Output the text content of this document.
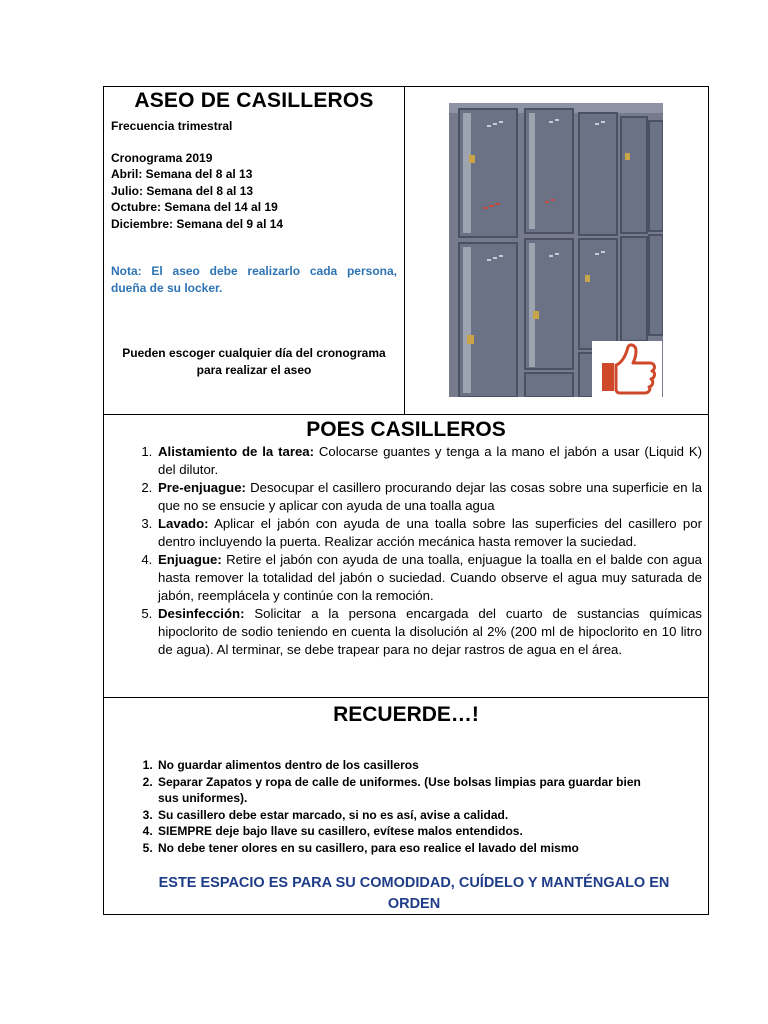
ASEO DE CASILLEROS
Frecuencia trimestral
Cronograma 2019
Abril: Semana del 8 al 13
Julio: Semana del 8 al 13
Octubre: Semana del 14 al 19
Diciembre: Semana del 9 al 14
Nota: El aseo debe realizarlo cada persona, dueña de su locker.
Pueden escoger cualquier día del cronograma para realizar el aseo
POES CASILLEROS
1. Alistamiento de la tarea: Colocarse guantes y tenga a la mano el jabón a usar (Liquid K) del dilutor.
2. Pre-enjuague: Desocupar el casillero procurando dejar las cosas sobre una superficie en la que no se ensucie y aplicar con ayuda de una toalla agua
3. Lavado: Aplicar el jabón con ayuda de una toalla sobre las superficies del casillero por dentro incluyendo la puerta. Realizar acción mecánica hasta remover la suciedad.
4. Enjuague: Retire el jabón con ayuda de una toalla, enjuague la toalla en el balde con agua hasta remover la totalidad del jabón o suciedad. Cuando observe el agua muy saturada de jabón, reemplácela y continúe con la remoción.
5. Desinfección: Solicitar a la persona encargada del cuarto de sustancias químicas hipoclorito de sodio teniendo en cuenta la disolución al 2% (200 ml de hipoclorito en 10 litro de agua). Al terminar, se debe trapear para no dejar rastros de agua en el área.
RECUERDE…!
1. No guardar alimentos dentro de los casilleros
2. Separar Zapatos y ropa de calle de uniformes. (Use bolsas limpias para guardar bien sus uniformes).
3. Su casillero debe estar marcado, si no es así, avise a calidad.
4. SIEMPRE deje bajo llave su casillero, evítese malos entendidos.
5. No debe tener olores en su casillero, para eso realice el lavado del mismo
ESTE ESPACIO ES PARA SU COMODIDAD, CUÍDELO Y MANTÉNGALO EN ORDEN
